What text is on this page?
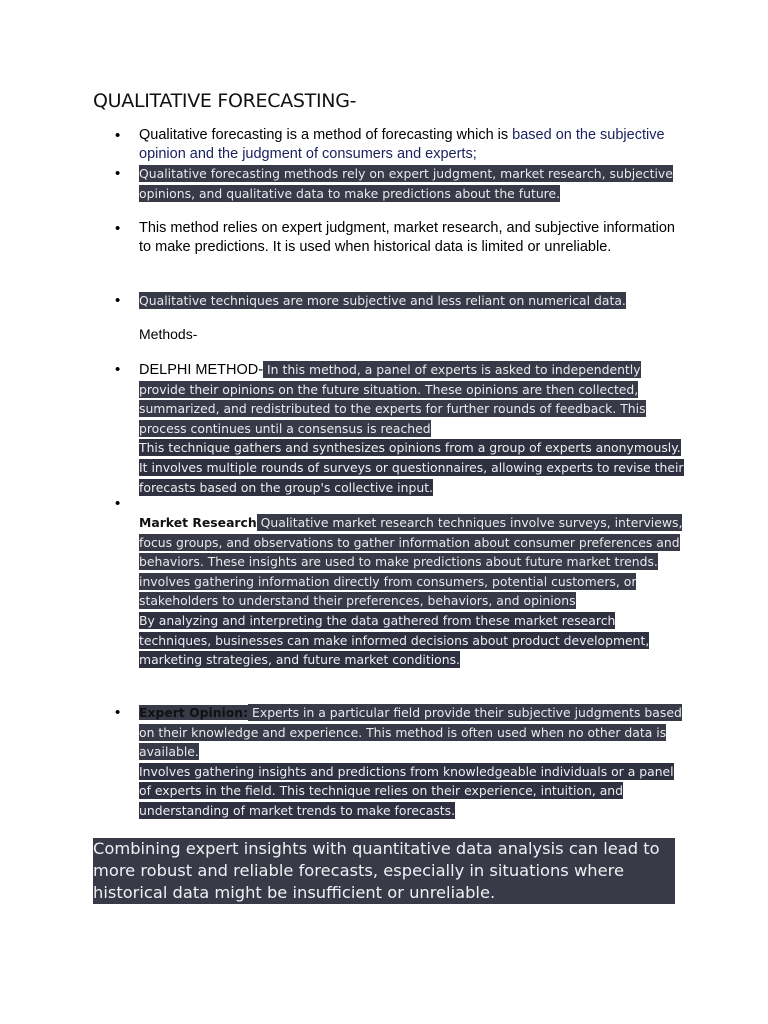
QUALITATIVE FORECASTING-
•	Qualitative forecasting is a method of forecasting which is based on the subjective opinion and the judgment of consumers and experts;

•	Qualitative forecasting methods rely on expert judgment, market research, subjective opinions, and qualitative data to make predictions about the future.

•	This method relies on expert judgment, market research, and subjective information to make predictions. It is used when historical data is limited or unreliable.

•	Qualitative techniques are more subjective and less reliant on numerical data.

Methods-
•	DELPHI METHOD- In this method, a panel of experts is asked to independently provide their opinions on the future situation. These opinions are then collected, summarized, and redistributed to the experts for further rounds of feedback. This process continues until a consensus is reached
This technique gathers and synthesizes opinions from a group of experts anonymously. It involves multiple rounds of surveys or questionnaires, allowing experts to revise their forecasts based on the group's collective input.

•

Market Research Qualitative market research techniques involve surveys, interviews, focus groups, and observations to gather information about consumer preferences and behaviors. These insights are used to make predictions about future market trends.
involves gathering information directly from consumers, potential customers, or stakeholders to understand their preferences, behaviors, and opinions
By analyzing and interpreting the data gathered from these market research techniques, businesses can make informed decisions about product development, marketing strategies, and future market conditions.

•	Expert Opinion: Experts in a particular field provide their subjective judgments based on their knowledge and experience. This method is often used when no other data is available.
Involves gathering insights and predictions from knowledgeable individuals or a panel of experts in the field. This technique relies on their experience, intuition, and understanding of market trends to make forecasts.

Combining expert insights with quantitative data analysis can lead to more robust and reliable forecasts, especially in situations where historical data might be insufficient or unreliable.
